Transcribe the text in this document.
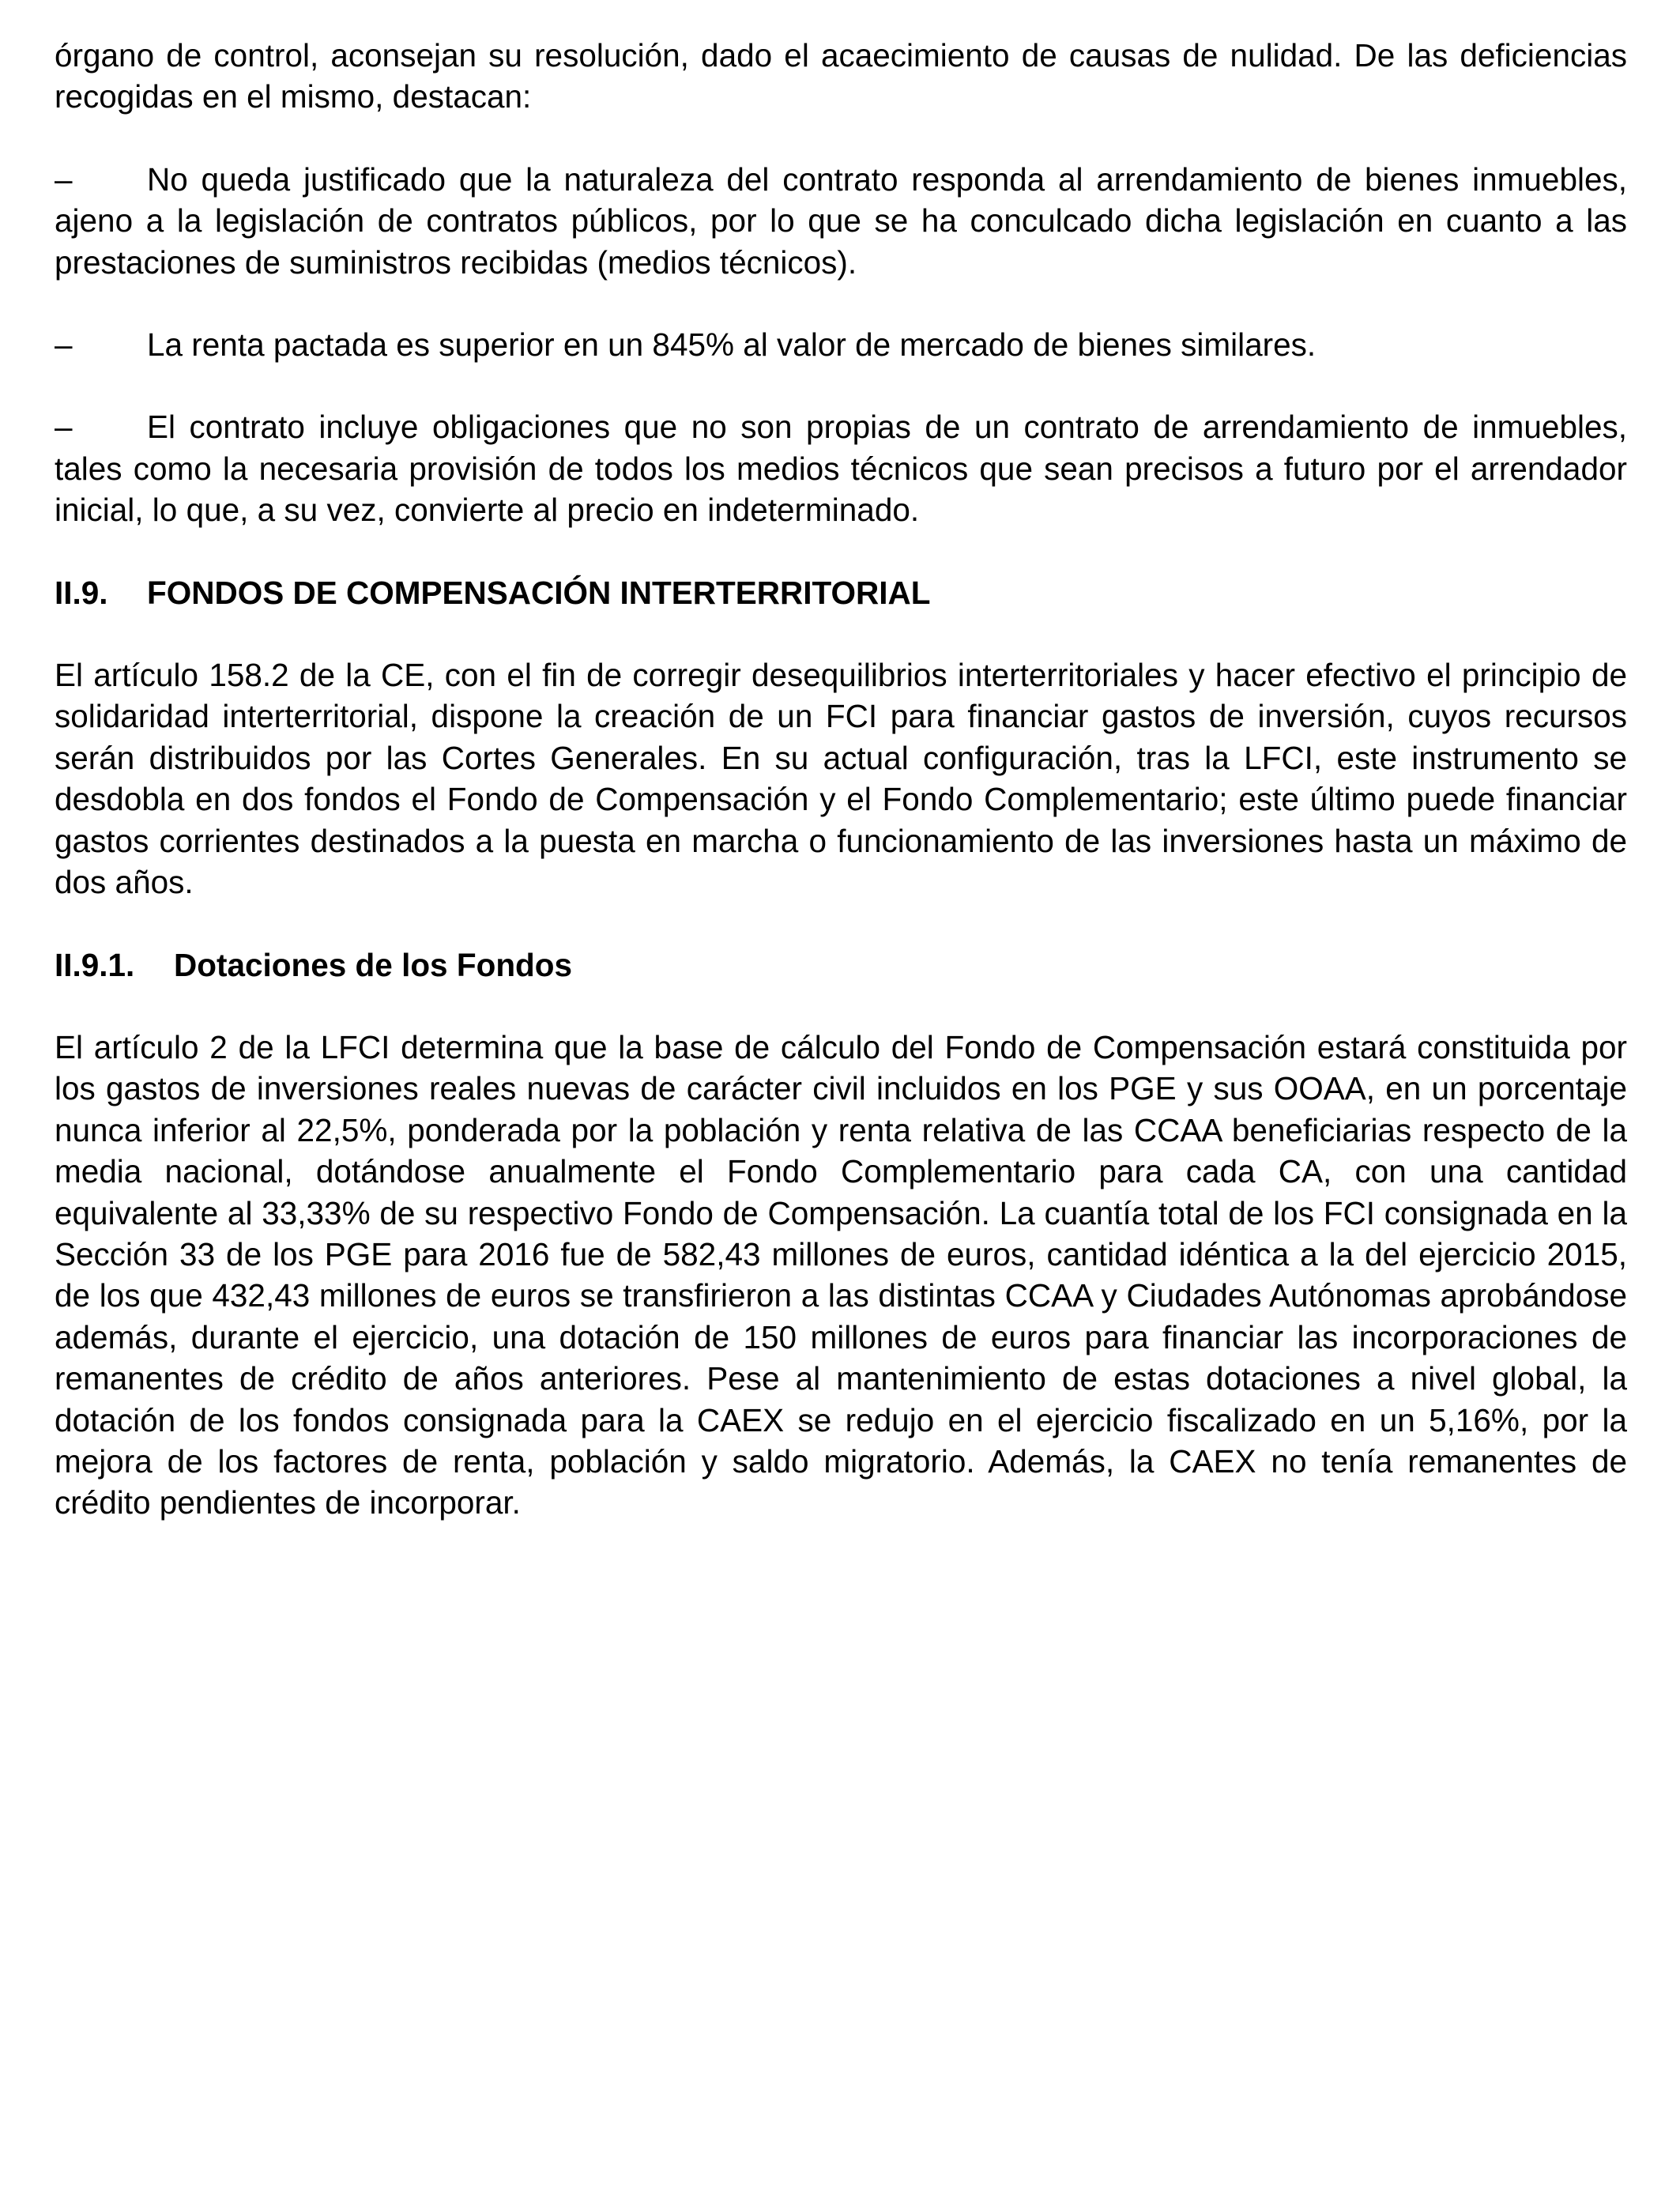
órgano de control, aconsejan su resolución, dado el acaecimiento de causas de nulidad. De las deficiencias recogidas en el mismo, destacan:

– No queda justificado que la naturaleza del contrato responda al arrendamiento de bienes inmuebles, ajeno a la legislación de contratos públicos, por lo que se ha conculcado dicha legislación en cuanto a las prestaciones de suministros recibidas (medios técnicos).

– La renta pactada es superior en un 845% al valor de mercado de bienes similares.

– El contrato incluye obligaciones que no son propias de un contrato de arrendamiento de inmuebles, tales como la necesaria provisión de todos los medios técnicos que sean precisos a futuro por el arrendador inicial, lo que, a su vez, convierte al precio en indeterminado.

II.9. FONDOS DE COMPENSACIÓN INTERTERRITORIAL

El artículo 158.2 de la CE, con el fin de corregir desequilibrios interterritoriales y hacer efectivo el principio de solidaridad interterritorial, dispone la creación de un FCI para financiar gastos de inversión, cuyos recursos serán distribuidos por las Cortes Generales. En su actual configuración, tras la LFCI, este instrumento se desdobla en dos fondos el Fondo de Compensación y el Fondo Complementario; este último puede financiar gastos corrientes destinados a la puesta en marcha o funcionamiento de las inversiones hasta un máximo de dos años.

II.9.1. Dotaciones de los Fondos

El artículo 2 de la LFCI determina que la base de cálculo del Fondo de Compensación estará constituida por los gastos de inversiones reales nuevas de carácter civil incluidos en los PGE y sus OOAA, en un porcentaje nunca inferior al 22,5%, ponderada por la población y renta relativa de las CCAA beneficiarias respecto de la media nacional, dotándose anualmente el Fondo Complementario para cada CA, con una cantidad equivalente al 33,33% de su respectivo Fondo de Compensación. La cuantía total de los FCI consignada en la Sección 33 de los PGE para 2016 fue de 582,43 millones de euros, cantidad idéntica a la del ejercicio 2015, de los que 432,43 millones de euros se transfirieron a las distintas CCAA y Ciudades Autónomas aprobándose además, durante el ejercicio, una dotación de 150 millones de euros para financiar las incorporaciones de remanentes de crédito de años anteriores. Pese al mantenimiento de estas dotaciones a nivel global, la dotación de los fondos consignada para la CAEX se redujo en el ejercicio fiscalizado en un 5,16%, por la mejora de los factores de renta, población y saldo migratorio. Además, la CAEX no tenía remanentes de crédito pendientes de incorporar.
